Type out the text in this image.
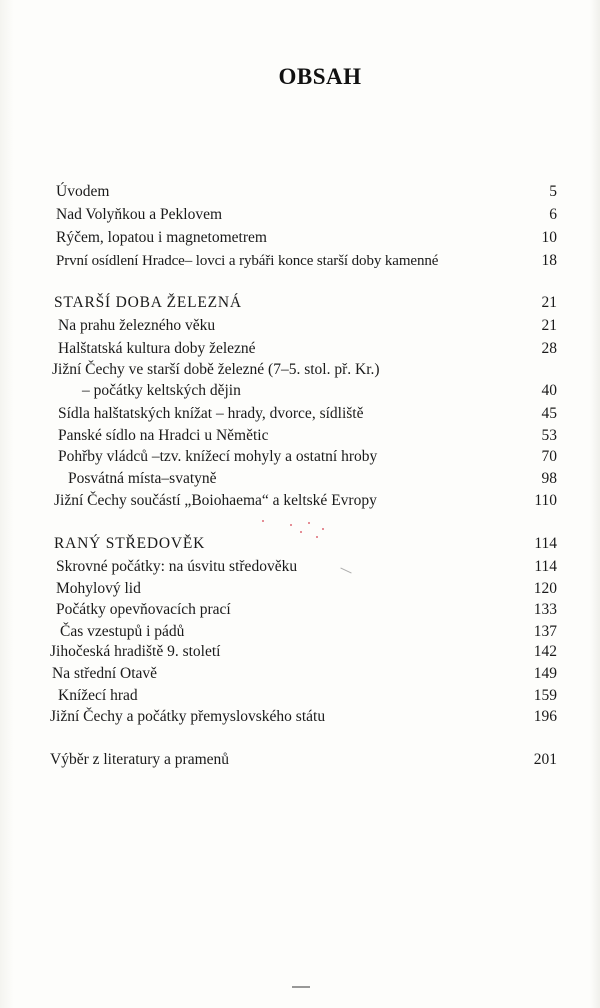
OBSAH
Úvodem	5
Nad Volyňkou a Peklovem	6
Rýčem, lopatou i magnetometrem	10
První osídlení Hradce– lovci a rybáři konce starší doby kamenné	18
STARŠÍ DOBA ŽELEZNÁ	21
Na prahu železného věku	21
Halštatská kultura doby železné	28
Jižní Čechy ve starší době železné (7–5. stol. př. Kr.)
– počátky keltských dějin	40
Sídla halštatských knížat – hrady, dvorce, sídliště	45
Panské sídlo na Hradci u Němětic	53
Pohřby vládců –tzv. knížecí mohyly a ostatní hroby	70
Posvátná místa–svatyně	98
Jižní Čechy součástí „Boiohaema“ a keltské Evropy	110
RANÝ STŘEDOVĚK	114
Skrovné počátky: na úsvitu středověku	114
Mohylový lid	120
Počátky opevňovacích prací	133
Čas vzestupů i pádů	137
Jihočeská hradiště 9. století	142
Na střední Otavě	149
Knížecí hrad	159
Jižní Čechy a počátky přemyslovského státu	196
Výběr z literatury a pramenů	201
